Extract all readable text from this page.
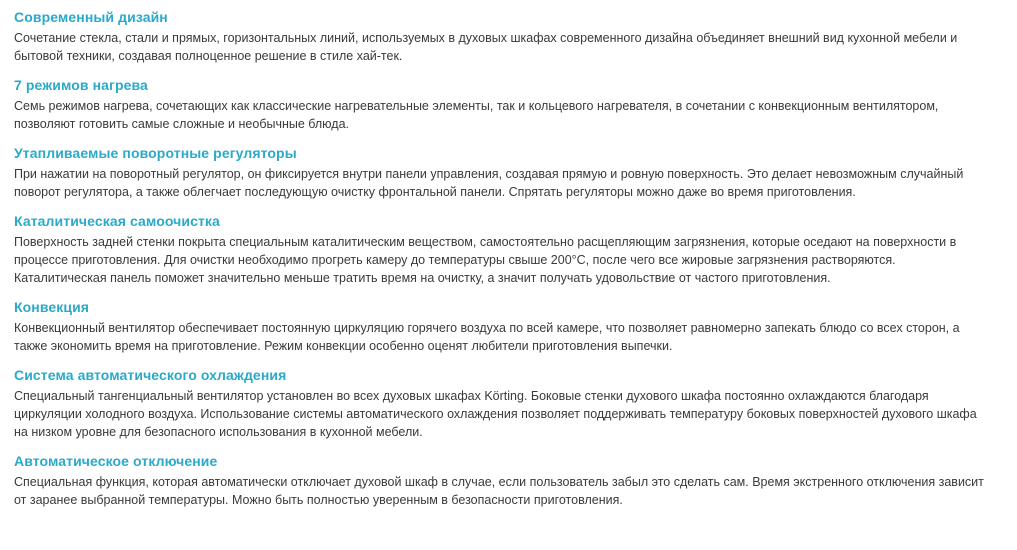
Современный дизайн

Сочетание стекла, стали и прямых, горизонтальных линий, используемых в духовых шкафах современного дизайна объединяет внешний вид кухонной мебели и бытовой техники, создавая полноценное решение в стиле хай-тек.

7 режимов нагрева

Семь режимов нагрева, сочетающих как классические нагревательные элементы, так и кольцевого нагревателя, в сочетании с конвекционным вентилятором, позволяют готовить самые сложные и необычные блюда.

Утапливаемые поворотные регуляторы

При нажатии на поворотный регулятор, он фиксируется внутри панели управления, создавая прямую и ровную поверхность. Это делает невозможным случайный поворот регулятора, а также облегчает последующую очистку фронтальной панели. Спрятать регуляторы можно даже во время приготовления.

Каталитическая самоочистка

Поверхность задней стенки покрыта специальным каталитическим веществом, самостоятельно расщепляющим загрязнения, которые оседают на поверхности в процессе приготовления. Для очистки необходимо прогреть камеру до температуры свыше 200°С, после чего все жировые загрязнения растворяются. Каталитическая панель поможет значительно меньше тратить время на очистку, а значит получать удовольствие от частого приготовления.

Конвекция

Конвекционный вентилятор обеспечивает постоянную циркуляцию горячего воздуха по всей камере, что позволяет равномерно запекать блюдо со всех сторон, а также экономить время на приготовление. Режим конвекции особенно оценят любители приготовления выпечки.

Система автоматического охлаждения

Специальный тангенциальный вентилятор установлен во всех духовых шкафах Körting. Боковые стенки духового шкафа постоянно охлаждаются благодаря циркуляции холодного воздуха. Использование системы автоматического охлаждения позволяет поддерживать температуру боковых поверхностей духового шкафа на низком уровне для безопасного использования в кухонной мебели.

Автоматическое отключение

Специальная функция, которая автоматически отключает духовой шкаф в случае, если пользователь забыл это сделать сам. Время экстренного отключения зависит от заранее выбранной температуры. Можно быть полностью уверенным в безопасности приготовления.
